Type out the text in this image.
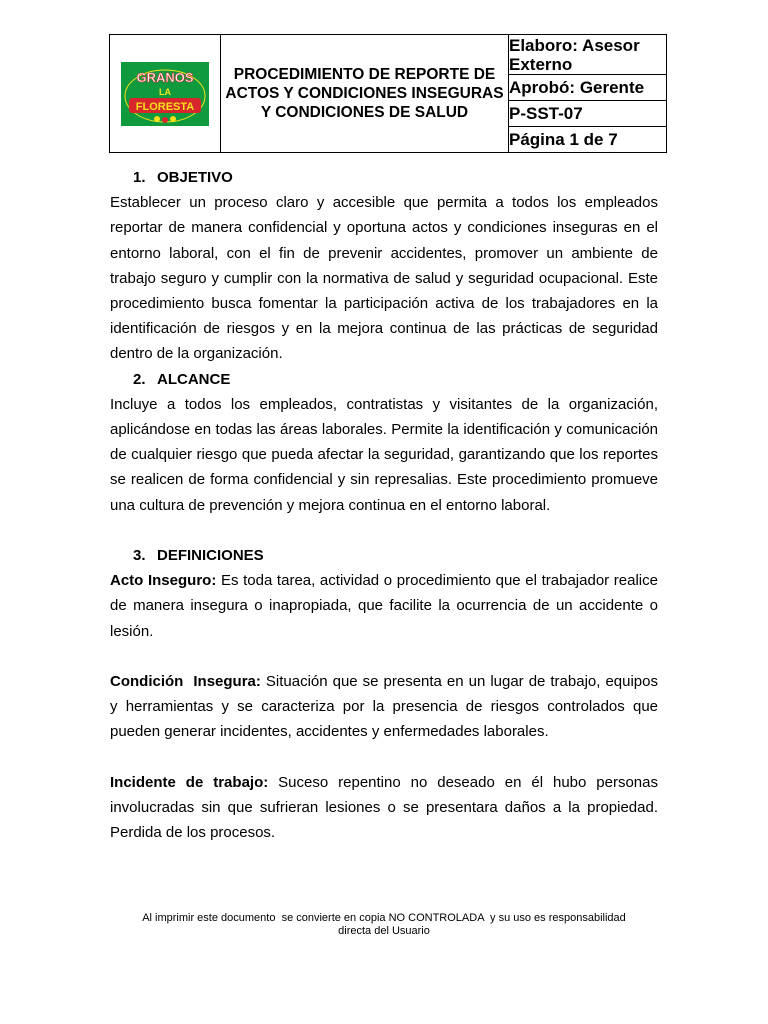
GRANOS
LA
FLORESTA
	PROCEDIMIENTO DE REPORTE DE ACTOS Y CONDICIONES INSEGURAS Y CONDICIONES DE SALUD	Elaboro: Asesor Externo
Aprobó: Gerente
P-SST-07
Página 1 de 7

1. OBJETIVO

Establecer un proceso claro y accesible que permita a todos los empleados reportar de manera confidencial y oportuna actos y condiciones inseguras en el entorno laboral, con el fin de prevenir accidentes, promover un ambiente de trabajo seguro y cumplir con la normativa de salud y seguridad ocupacional. Este procedimiento busca fomentar la participación activa de los trabajadores en la identificación de riesgos y en la mejora continua de las prácticas de seguridad dentro de la organización.

2. ALCANCE

Incluye a todos los empleados, contratistas y visitantes de la organización, aplicándose en todas las áreas laborales. Permite la identificación y comunicación de cualquier riesgo que pueda afectar la seguridad, garantizando que los reportes se realicen de forma confidencial y sin represalias. Este procedimiento promueve una cultura de prevención y mejora continua en el entorno laboral.

3. DEFINICIONES

Acto Inseguro: Es toda tarea, actividad o procedimiento que el trabajador realice de manera insegura o inapropiada, que facilite la ocurrencia de un accidente o lesión.

Condición  Insegura: Situación que se presenta en un lugar de trabajo, equipos y herramientas y se caracteriza por la presencia de riesgos controlados que pueden generar incidentes, accidentes y enfermedades laborales.

Incidente de trabajo: Suceso repentino no deseado en él hubo personas involucradas sin que sufrieran lesiones o se presentara daños a la propiedad. Perdida de los procesos.

Al imprimir este documento  se convierte en copia NO CONTROLADA  y su uso es responsabilidad
directa del Usuario
